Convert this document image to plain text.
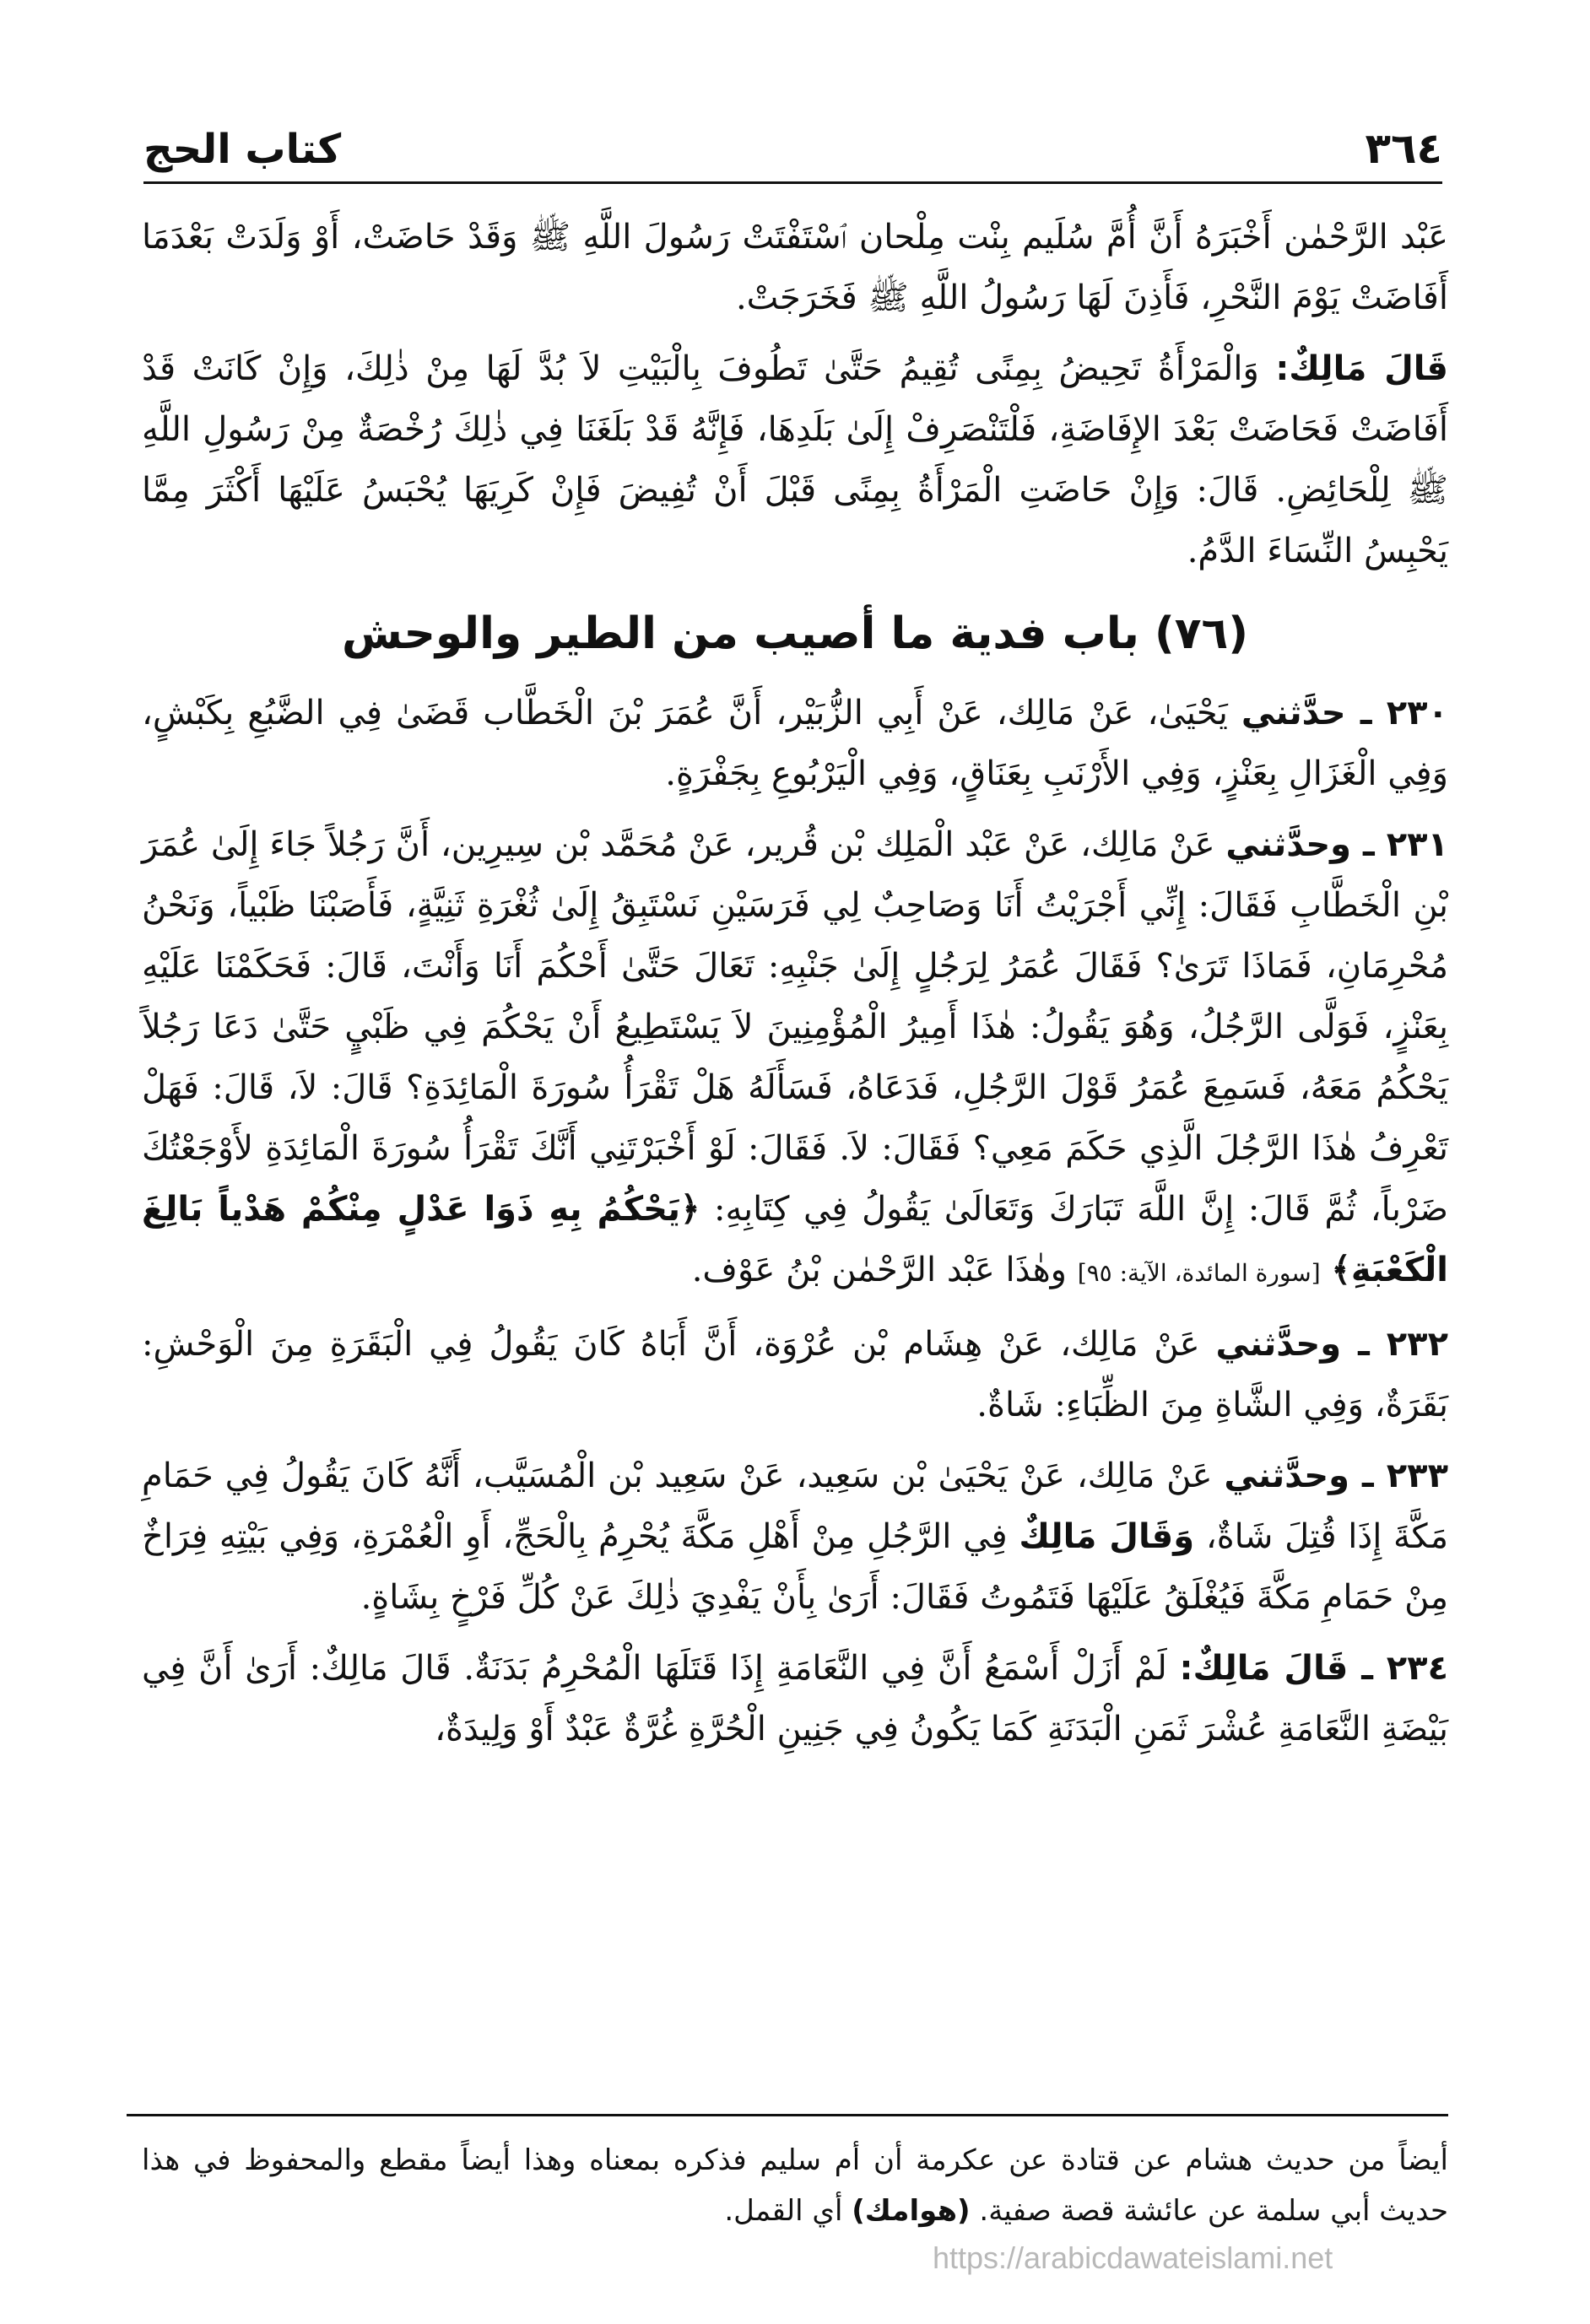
٣٦٤
كتاب الحج

عَبْد الرَّحْمٰن أَخْبَرَهُ أَنَّ أُمَّ سُلَيم بِنْت مِلْحان ٱسْتَفْتَتْ رَسُولَ اللَّهِ ﷺ وَقَدْ حَاضَتْ، أَوْ وَلَدَتْ بَعْدَمَا أَفَاضَتْ يَوْمَ النَّحْرِ، فَأَذِنَ لَهَا رَسُولُ اللَّهِ ﷺ فَخَرَجَتْ.

قَالَ مَالِكٌ: وَالْمَرْأَةُ تَحِيضُ بِمِنًى تُقِيمُ حَتَّىٰ تَطُوفَ بِالْبَيْتِ لاَ بُدَّ لَهَا مِنْ ذٰلِكَ، وَإِنْ كَانَتْ قَدْ أَفَاضَتْ فَحَاضَتْ بَعْدَ الإِفَاضَةِ، فَلْتَنْصَرِفْ إِلَىٰ بَلَدِهَا، فَإِنَّهُ قَدْ بَلَغَنَا فِي ذٰلِكَ رُخْصَةٌ مِنْ رَسُولِ اللَّهِ ﷺ لِلْحَائِضِ. قَالَ: وَإِنْ حَاضَتِ الْمَرْأَةُ بِمِنًى قَبْلَ أَنْ تُفِيضَ فَإِنْ كَرِيَهَا يُحْبَسُ عَلَيْهَا أَكْثَرَ مِمَّا يَحْبِسُ النِّسَاءَ الدَّمُ.

(٧٦) باب فدية ما أصيب من الطير والوحش

٢٣٠ ـ حدَّثني يَحْيَىٰ، عَنْ مَالِك، عَنْ أَبِي الزُّبَيْر، أَنَّ عُمَرَ بْنَ الْخَطَّاب قَضَىٰ فِي الضَّبُعِ بِكَبْشٍ، وَفِي الْغَزَالِ بِعَنْزٍ، وَفِي الأَرْنَبِ بِعَنَاقٍ، وَفِي الْيَرْبُوعِ بِجَفْرَةٍ.

٢٣١ ـ وحدَّثني عَنْ مَالِك، عَنْ عَبْد الْمَلِك بْن قُرير، عَنْ مُحَمَّد بْن سِيرِين، أَنَّ رَجُلاً جَاءَ إِلَىٰ عُمَرَ بْنِ الْخَطَّابِ فَقَالَ: إِنِّي أَجْرَيْتُ أَنَا وَصَاحِبٌ لِي فَرَسَيْنِ نَسْتَبِقُ إِلَىٰ ثُغْرَةِ ثَنِيَّةٍ، فَأَصَبْنَا ظَبْياً، وَنَحْنُ مُحْرِمَانِ، فَمَاذَا تَرَىٰ؟ فَقَالَ عُمَرُ لِرَجُلٍ إِلَىٰ جَنْبِهِ: تَعَالَ حَتَّىٰ أَحْكُمَ أَنَا وَأَنْتَ، قَالَ: فَحَكَمْنَا عَلَيْهِ بِعَنْزٍ، فَوَلَّى الرَّجُلُ، وَهُوَ يَقُولُ: هٰذَا أَمِيرُ الْمُؤْمِنِينَ لاَ يَسْتَطِيعُ أَنْ يَحْكُمَ فِي ظَبْيٍ حَتَّىٰ دَعَا رَجُلاً يَحْكُمُ مَعَهُ، فَسَمِعَ عُمَرُ قَوْلَ الرَّجُلِ، فَدَعَاهُ، فَسَأَلَهُ هَلْ تَقْرَأُ سُورَةَ الْمَائِدَةِ؟ قَالَ: لاَ، قَالَ: فَهَلْ تَعْرِفُ هٰذَا الرَّجُلَ الَّذِي حَكَمَ مَعِي؟ فَقَالَ: لاَ. فَقَالَ: لَوْ أَخْبَرْتَنِي أَنَّكَ تَقْرَأُ سُورَةَ الْمَائِدَةِ لأَوْجَعْتُكَ ضَرْباً، ثُمَّ قَالَ: إِنَّ اللَّهَ تَبَارَكَ وَتَعَالَىٰ يَقُولُ فِي كِتَابِهِ: ﴿يَحْكُمُ بِهِ ذَوَا عَدْلٍ مِنْكُمْ هَدْياً بَالِغَ الْكَعْبَةِ﴾ [سورة المائدة، الآية: ٩٥] وهٰذَا عَبْد الرَّحْمٰن بْنُ عَوْف.

٢٣٢ ـ وحدَّثني عَنْ مَالِك، عَنْ هِشَام بْن عُرْوَة، أَنَّ أَبَاهُ كَانَ يَقُولُ فِي الْبَقَرَةِ مِنَ الْوَحْشِ: بَقَرَةٌ، وَفِي الشَّاةِ مِنَ الظِّبَاءِ: شَاةٌ.

٢٣٣ ـ وحدَّثني عَنْ مَالِك، عَنْ يَحْيَىٰ بْن سَعِيد، عَنْ سَعِيد بْن الْمُسَيَّب، أَنَّهُ كَانَ يَقُولُ فِي حَمَامِ مَكَّةَ إِذَا قُتِلَ شَاةٌ، وَقَالَ مَالِكٌ فِي الرَّجُلِ مِنْ أَهْلِ مَكَّةَ يُحْرِمُ بِالْحَجِّ، أَوِ الْعُمْرَةِ، وَفِي بَيْتِهِ فِرَاخٌ مِنْ حَمَامِ مَكَّةَ فَيُغْلَقُ عَلَيْهَا فَتَمُوتُ فَقَالَ: أَرَىٰ بِأَنْ يَفْدِيَ ذٰلِكَ عَنْ كُلِّ فَرْخٍ بِشَاةٍ.

٢٣٤ ـ قَالَ مَالِكٌ: لَمْ أَزَلْ أَسْمَعُ أَنَّ فِي النَّعَامَةِ إِذَا قَتَلَهَا الْمُحْرِمُ بَدَنَةٌ. قَالَ مَالِكٌ: أَرَىٰ أَنَّ فِي بَيْضَةِ النَّعَامَةِ عُشْرَ ثَمَنِ الْبَدَنَةِ كَمَا يَكُونُ فِي جَنِينِ الْحُرَّةِ غُرَّةٌ عَبْدٌ أَوْ وَلِيدَةٌ،

أيضاً من حديث هشام عن قتادة عن عكرمة أن أم سليم فذكره بمعناه وهذا أيضاً مقطع والمحفوظ في هذا حديث أبي سلمة عن عائشة قصة صفية. (هوامك) أي القمل.
https://arabicdawateislami.net
